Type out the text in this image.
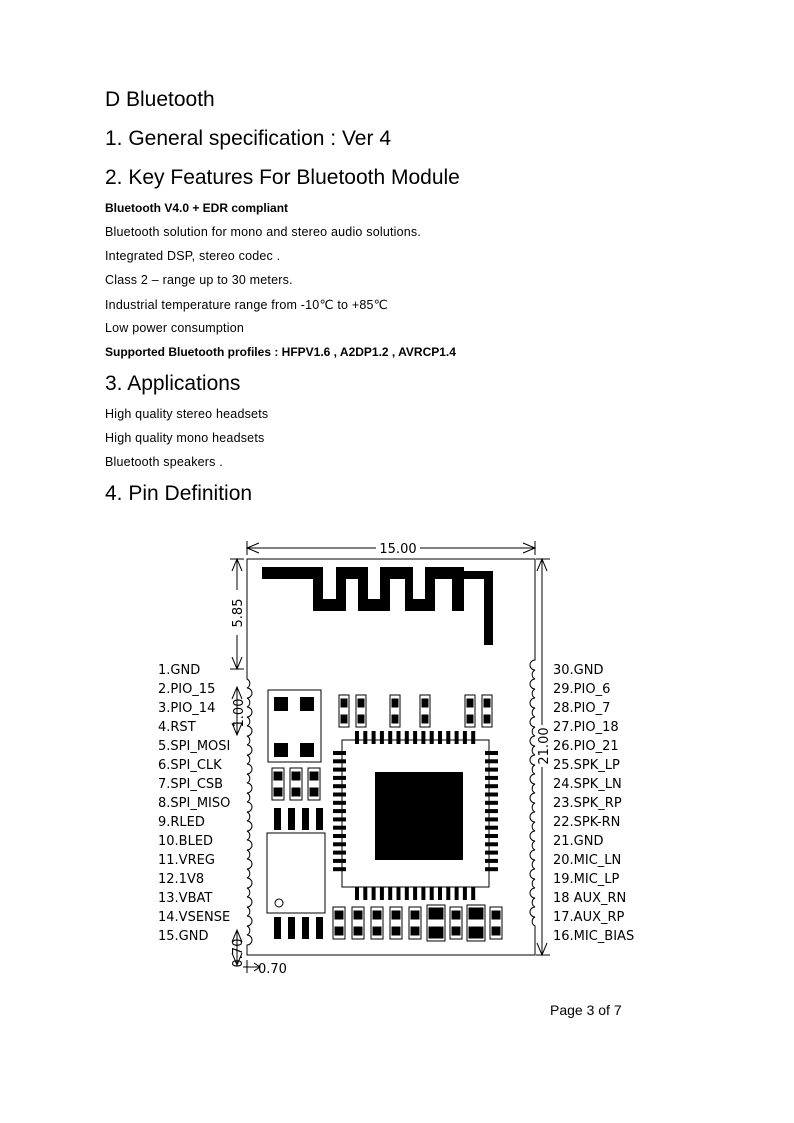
D Bluetooth
1. General specification : Ver 4
2. Key Features For Bluetooth Module
Bluetooth V4.0 + EDR compliant
Bluetooth solution for mono and stereo audio solutions.
Integrated DSP, stereo codec .
Class 2 – range up to 30 meters.
Industrial temperature range from -10℃ to +85℃
Low power consumption
Supported Bluetooth profiles : HFPV1.6 , A2DP1.2 , AVRCP1.4
3. Applications
High quality stereo headsets
High quality mono headsets
Bluetooth speakers .
4. Pin Definition
15.00
5.85
1.00
0.70
0.70
21.00
1.GND
2.PIO_15
3.PIO_14
4.RST
5.SPI_MOSI
6.SPI_CLK
7.SPI_CSB
8.SPI_MISO
9.RLED
10.BLED
11.VREG
12.1V8
13.VBAT
14.VSENSE
15.GND
30.GND
29.PIO_6
28.PIO_7
27.PIO_18
26.PIO_21
25.SPK_LP
24.SPK_LN
23.SPK_RP
22.SPK-RN
21.GND
20.MIC_LN
19.MIC_LP
18 AUX_RN
17.AUX_RP
16.MIC_BIAS
Page 3 of 7
